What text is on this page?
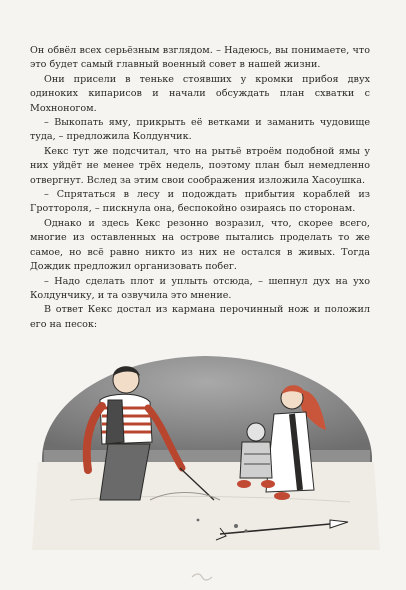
Он обвёл всех серьёзным взглядом. – Надеюсь, вы понимаете, что это будет самый главный военный совет в нашей жизни.

Они присели в теньке стоявших у кромки прибоя двух одиноких кипарисов и начали обсуждать план схватки с Мохноногом.

– Выкопать яму, прикрыть её ветками и заманить чудовище туда, – предложила Колдунчик.

Кекс тут же подсчитал, что на рытьё втроём подобной ямы у них уйдёт не менее трёх недель, поэтому план был немедленно отвергнут. Вслед за этим свои соображения изложила Хасоушка.

– Спрятаться в лесу и подождать прибытия кораблей из Гроттороля, – пискнула она, беспокойно озираясь по сторонам.

Однако и здесь Кекс резонно возразил, что, скорее всего, многие из оставленных на острове пытались проделать то же самое, но всё равно никто из них не остался в живых. Тогда Дождик предложил организовать побег.

– Надо сделать плот и уплыть отсюда, – шепнул дух на ухо Колдунчику, и та озвучила это мнение.

В ответ Кекс достал из кармана перочинный нож и положил его на песок:
